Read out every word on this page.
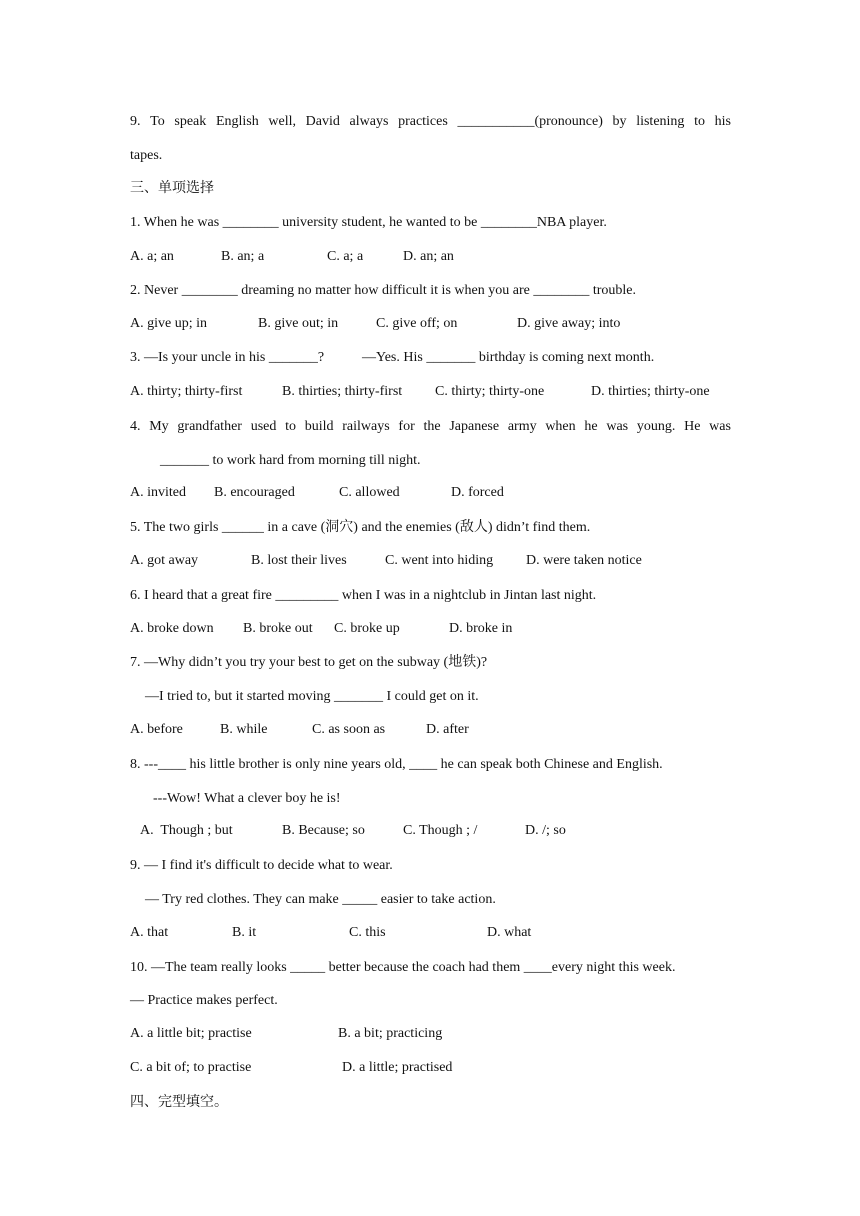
9. To speak English well, David always practices ___________(pronounce) by listening to his
tapes.
三、单项选择
1. When he was ________ university student, he wanted to be ________NBA player.
A. a; an	B. an; a	C. a; a	D. an; an
2. Never ________ dreaming no matter how difficult it is when you are ________ trouble.
A. give up; in	B. give out; in	C. give off; on	D. give away; into
3. —Is your uncle in his _______?	—Yes. His _______ birthday is coming next month.
A. thirty; thirty-first	B. thirties; thirty-first C. thirty; thirty-one	D. thirties; thirty-one
4. My grandfather used to build railways for the Japanese army when he was young. He was
_______ to work hard from morning till night.
A. invited B. encouraged	C. allowed	D. forced
5. The two girls ______ in a cave (洞穴) and the enemies (敌人) didn’t find them.
A. got away	B. lost their lives	C. went into hiding D. were taken notice
6. I heard that a great fire _________ when I was in a nightclub in Jintan last night.
A. broke down B. broke out C. broke up	D. broke in
7. —Why didn’t you try your best to get on the subway (地铁)?
—I tried to, but it started moving _______ I could get on it.
A. before	B. while	C. as soon as	D. after
8. ---____ his little brother is only nine years old, ____ he can speak both Chinese and English.
---Wow! What a clever boy he is!
A.  Though ; but	B. Because; so	C. Though ; /	D. /; so
9. — I find it's difficult to decide what to wear.
— Try red clothes. They can make _____ easier to take action.
A. that	B. it	C. this	D. what
10. —The team really looks _____ better because the coach had them ____every night this week.
— Practice makes perfect.
A. a little bit; practise	B. a bit; practicing
C. a bit of; to practise	D. a little; practised
四、完型填空。
